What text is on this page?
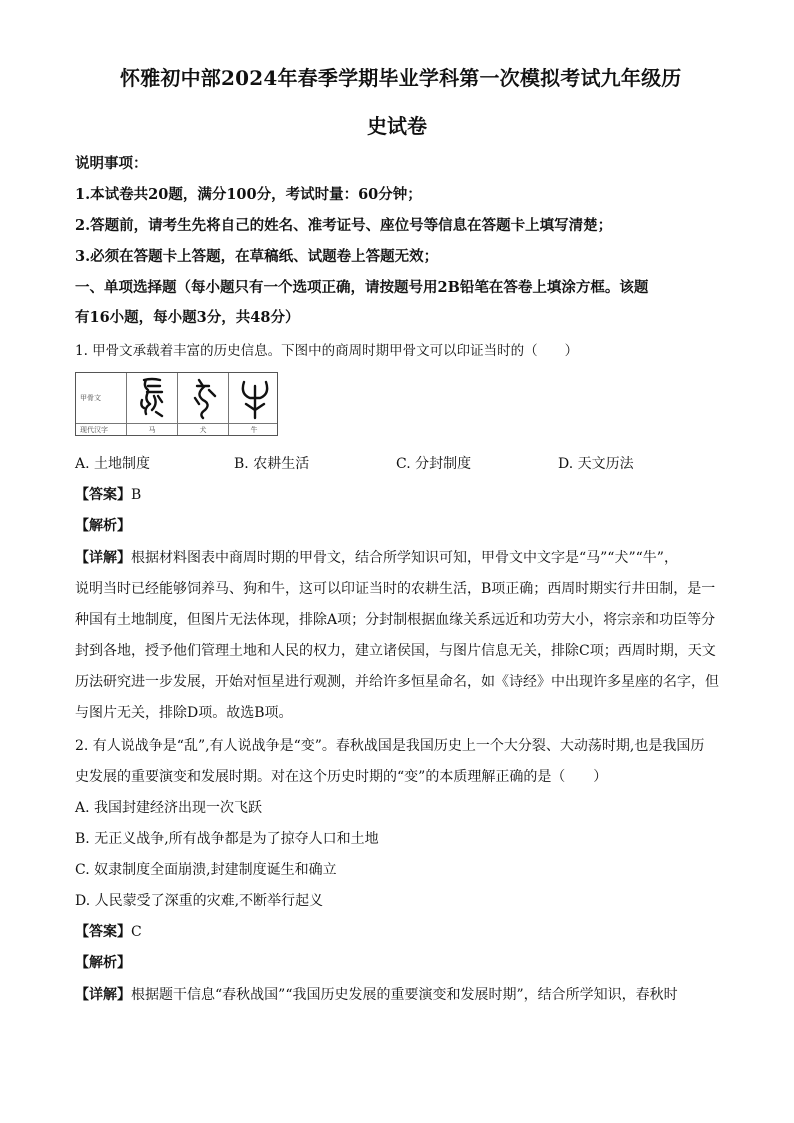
怀雅初中部2024年春季学期毕业学科第一次模拟考试九年级历
史试卷
说明事项：
1.本试卷共20题，满分100分，考试时量：60分钟；
2.答题前，请考生先将自己的姓名、准考证号、座位号等信息在答题卡上填写清楚；
3.必须在答题卡上答题，在草稿纸、试题卷上答题无效；
一、单项选择题（每小题只有一个选项正确，请按题号用2B铅笔在答卷上填涂方框。该题
有16小题，每小题3分，共48分）
1. 甲骨文承载着丰富的历史信息。下图中的商周时期甲骨文可以印证当时的（　　）
甲骨文
现代汉字	马	犬	牛
A. 土地制度	B. 农耕生活	C. 分封制度	D. 天文历法
【答案】B
【解析】
【详解】根据材料图表中商周时期的甲骨文，结合所学知识可知，甲骨文中文字是“马”“犬”“牛”，
说明当时已经能够饲养马、狗和牛，这可以印证当时的农耕生活，B项正确；西周时期实行井田制，是一
种国有土地制度，但图片无法体现，排除A项；分封制根据血缘关系远近和功劳大小，将宗亲和功臣等分
封到各地，授予他们管理土地和人民的权力，建立诸侯国，与图片信息无关，排除C项；西周时期，天文
历法研究进一步发展，开始对恒星进行观测，并给许多恒星命名，如《诗经》中出现许多星座的名字，但
与图片无关，排除D项。故选B项。
2. 有人说战争是“乱”,有人说战争是“变”。春秋战国是我国历史上一个大分裂、大动荡时期,也是我国历
史发展的重要演变和发展时期。对在这个历史时期的“变”的本质理解正确的是（　　）
A. 我国封建经济出现一次飞跃
B. 无正义战争,所有战争都是为了掠夺人口和土地
C. 奴隶制度全面崩溃,封建制度诞生和确立
D. 人民蒙受了深重的灾难,不断举行起义
【答案】C
【解析】
【详解】根据题干信息“春秋战国”“我国历史发展的重要演变和发展时期”，结合所学知识，春秋时
